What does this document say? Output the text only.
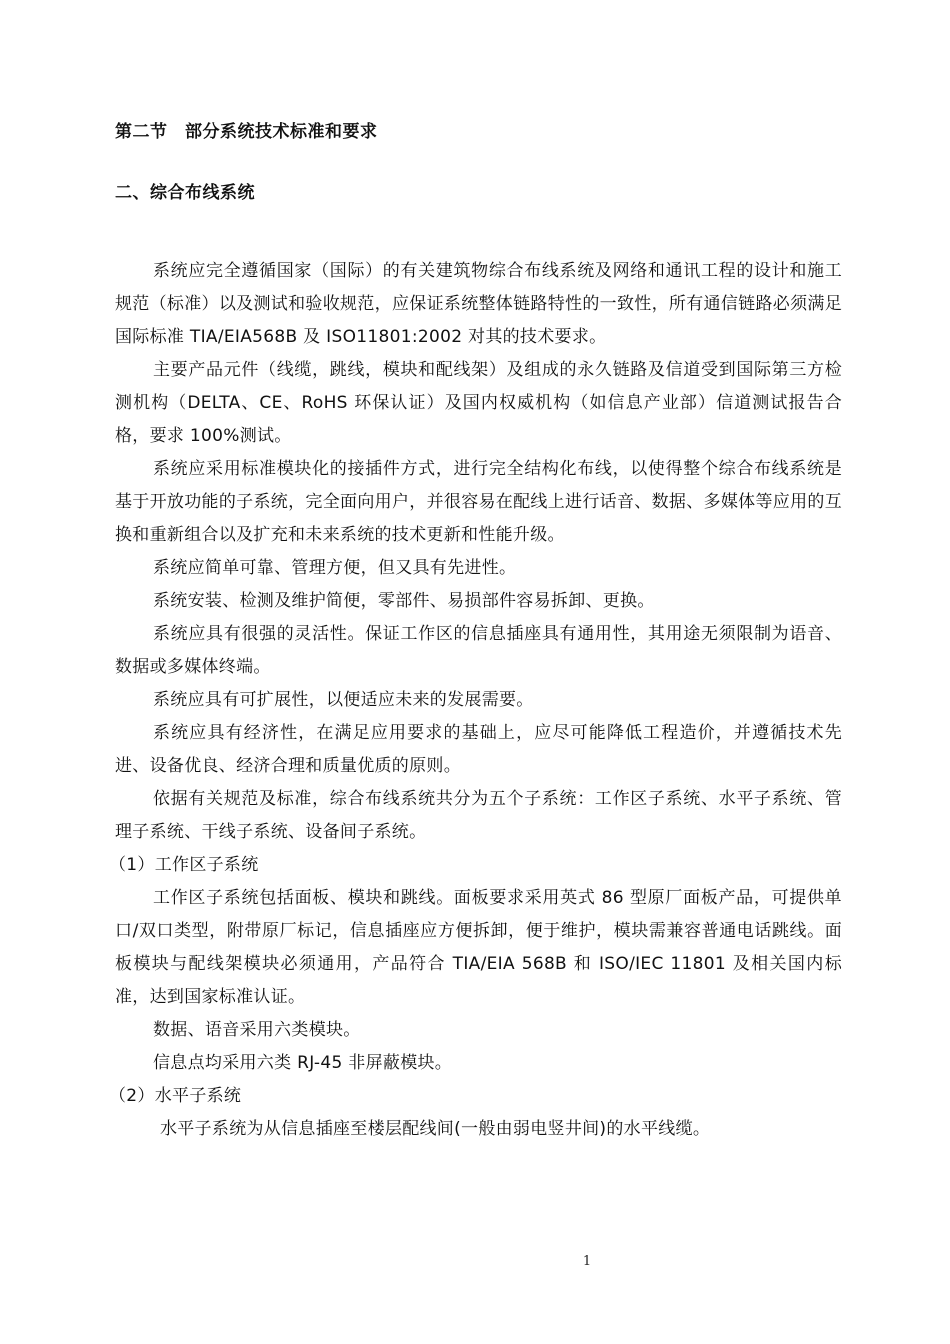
第二节　部分系统技术标准和要求
二、综合布线系统

系统应完全遵循国家（国际）的有关建筑物综合布线系统及网络和通讯工程的设计和施工规范（标准）以及测试和验收规范，应保证系统整体链路特性的一致性，所有通信链路必须满足国际标准 TIA/EIA568B 及 ISO11801:2002 对其的技术要求。

主要产品元件（线缆，跳线，模块和配线架）及组成的永久链路及信道受到国际第三方检测机构（DELTA、CE、RoHS 环保认证）及国内权威机构（如信息产业部）信道测试报告合格，要求 100%测试。

系统应采用标准模块化的接插件方式，进行完全结构化布线，以使得整个综合布线系统是基于开放功能的子系统，完全面向用户，并很容易在配线上进行话音、数据、多媒体等应用的互换和重新组合以及扩充和未来系统的技术更新和性能升级。

系统应简单可靠、管理方便，但又具有先进性。

系统安装、检测及维护简便，零部件、易损部件容易拆卸、更换。

系统应具有很强的灵活性。保证工作区的信息插座具有通用性，其用途无须限制为语音、数据或多媒体终端。

系统应具有可扩展性，以便适应未来的发展需要。

系统应具有经济性，在满足应用要求的基础上，应尽可能降低工程造价，并遵循技术先进、设备优良、经济合理和质量优质的原则。

依据有关规范及标准，综合布线系统共分为五个子系统：工作区子系统、水平子系统、管理子系统、干线子系统、设备间子系统。

（1）工作区子系统

工作区子系统包括面板、模块和跳线。面板要求采用英式 86 型原厂面板产品，可提供单口/双口类型，附带原厂标记，信息插座应方便拆卸，便于维护，模块需兼容普通电话跳线。面板模块与配线架模块必须通用，产品符合 TIA/EIA 568B 和 ISO/IEC 11801 及相关国内标准，达到国家标准认证。

数据、语音采用六类模块。

信息点均采用六类 RJ-45 非屏蔽模块。

（2）水平子系统

水平子系统为从信息插座至楼层配线间(一般由弱电竖井间)的水平线缆。

1
